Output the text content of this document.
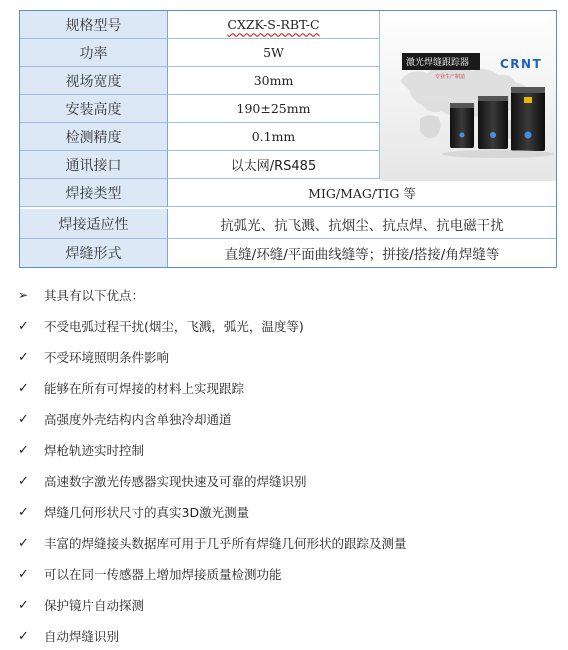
规格型号	CXZK-S-RBT-C
功率	5W
视场宽度	30mm
安装高度	190±25mm
检测精度	0.1mm
通讯接口	以太网/RS485
激光焊缝跟踪器
专业生产制造
CRNT
焊接类型	MIG/MAG/TIG 等
焊接适应性	抗弧光、抗飞溅、抗烟尘、抗点焊、抗电磁干扰
焊缝形式	直缝/环缝/平面曲线缝等；拼接/搭接/角焊缝等
➢	其具有以下优点：
✓	不受电弧过程干扰(烟尘，飞溅，弧光，温度等)
✓	不受环境照明条件影响
✓	能够在所有可焊接的材料上实现跟踪
✓	高强度外壳结构内含单独冷却通道
✓	焊枪轨迹实时控制
✓	高速数字激光传感器实现快速及可靠的焊缝识别
✓	焊缝几何形状尺寸的真实3D激光测量
✓	丰富的焊缝接头数据库可用于几乎所有焊缝几何形状的跟踪及测量
✓	可以在同一传感器上增加焊接质量检测功能
✓	保护镜片自动探测
✓	自动焊缝识别
